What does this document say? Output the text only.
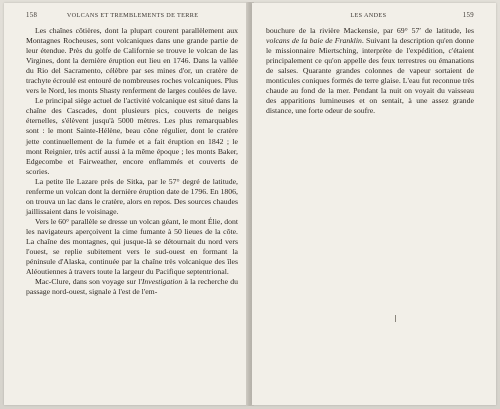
158	VOLCANS ET TREMBLEMENTS DE TERRE

Les chaînes côtières, dont la plupart courent parallèlement aux Montagnes Rocheuses, sont volcaniques dans une grande partie de leur étendue. Près du golfe de Californie se trouve le volcan de las Virgines, dont la dernière éruption eut lieu en 1746. Dans la vallée du Rio del Sacramento, célèbre par ses mines d'or, un cratère de trachyte écroulé est entouré de nombreuses roches volcaniques. Plus vers le Nord, les monts Shasty renferment de larges coulées de lave.

Le principal siège actuel de l'activité volcanique est situé dans la chaîne des Cascades, dont plusieurs pics, couverts de neiges éternelles, s'élèvent jusqu'à 5000 mètres. Les plus remarquables sont : le mont Sainte-Hélène, beau cône régulier, dont le cratère jette continuellement de la fumée et a fait éruption en 1842 ; le mont Reignier, très actif aussi à la même époque ; les monts Baker, Edgecombe et Fairweather, encore enflammés et couverts de scories.

La petite île Lazare près de Sitka, par le 57° degré de latitude, renferme un volcan dont la dernière éruption date de 1796. En 1806, on trouva un lac dans le cratère, alors en repos. Des sources chaudes jaillissaient dans le voisinage.

Vers le 60° parallèle se dresse un volcan géant, le mont Élie, dont les navigateurs aperçoivent la cime fumante à 50 lieues de la côte. La chaîne des montagnes, qui jusque-là se détournait du nord vers l'ouest, se replie subitement vers le sud-ouest en formant la péninsule d'Alaska, continuée par la chaîne très volcanique des îles Aléoutiennes à travers toute la largeur du Pacifique septentrional.

Mac-Clure, dans son voyage sur l'Investigation à la recherche du passage nord-ouest, signale à l'est de l'em-

LES ANDES	159

bouchure de la rivière Mackensie, par 69° 57′ de latitude, les volcans de la baie de Franklin. Suivant la description qu'en donne le missionnaire Miertsching, interprète de l'expédition, c'étaient principalement ce qu'on appelle des feux terrestres ou émanations de salses. Quarante grandes colonnes de vapeur sortaient de monticules coniques formés de terre glaise. L'eau fut reconnue très chaude au fond de la mer. Pendant la nuit on voyait du vaisseau des apparitions lumineuses et on sentait, à une assez grande distance, une forte odeur de soufre.
